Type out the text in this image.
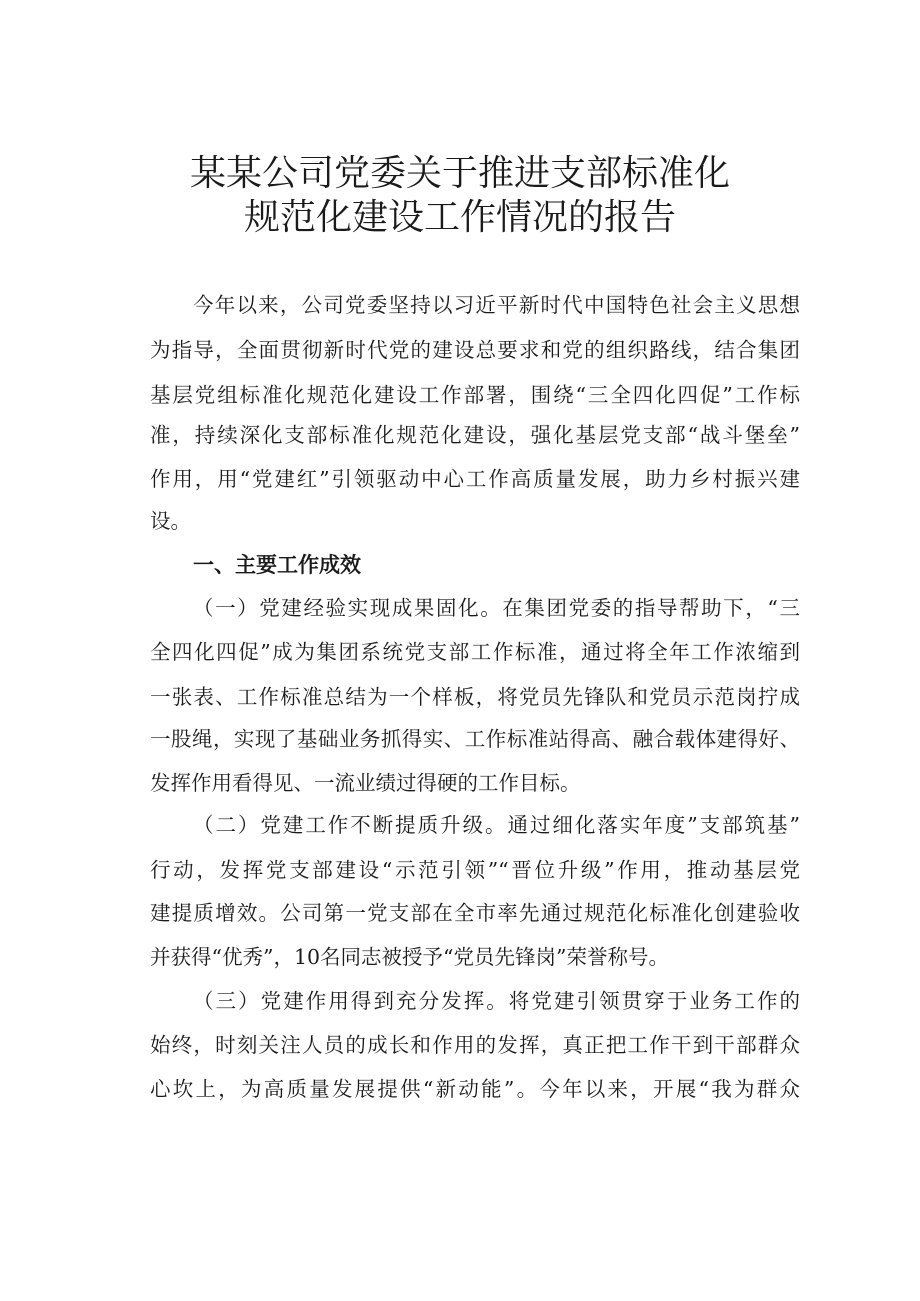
某某公司党委关于推进支部标准化
规范化建设工作情况的报告

今年以来，公司党委坚持以习近平新时代中国特色社会主义思想

为指导，全面贯彻新时代党的建设总要求和党的组织路线，结合集团

基层党组标准化规范化建设工作部署，围绕“三全四化四促”工作标

准，持续深化支部标准化规范化建设，强化基层党支部“战斗堡垒”

作用，用“党建红”引领驱动中心工作高质量发展，助力乡村振兴建

设。

一、主要工作成效

（一）党建经验实现成果固化。在集团党委的指导帮助下，“三

全四化四促”成为集团系统党支部工作标准，通过将全年工作浓缩到

一张表、工作标准总结为一个样板，将党员先锋队和党员示范岗拧成

一股绳，实现了基础业务抓得实、工作标准站得高、融合载体建得好、

发挥作用看得见、一流业绩过得硬的工作目标。

（二）党建工作不断提质升级。通过细化落实年度”支部筑基”

行动，发挥党支部建设“示范引领”“晋位升级”作用，推动基层党

建提质增效。公司第一党支部在全市率先通过规范化标准化创建验收

并获得“优秀”，10名同志被授予“党员先锋岗”荣誉称号。

（三）党建作用得到充分发挥。将党建引领贯穿于业务工作的

始终，时刻关注人员的成长和作用的发挥，真正把工作干到干部群众

心坎上，为高质量发展提供“新动能”。今年以来，开展“我为群众
